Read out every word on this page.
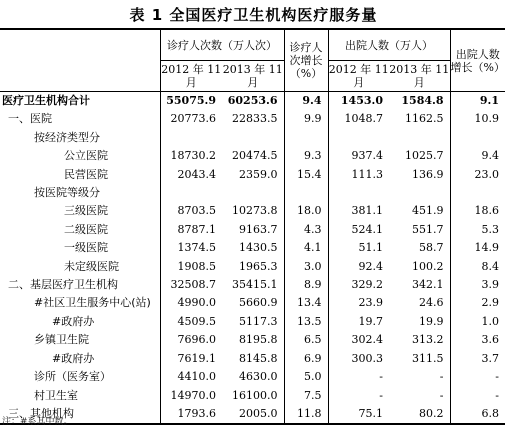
表 1 全国医疗卫生机构医疗服务量
	诊疗人次数（万人次）		诊疗人次增长（%）	出院人数（万人）		出院人数增长（%）
	2012 年 11 月	2013 年 11 月		2012 年 11 月	2013 年 11 月	
医疗卫生机构合计	55075.9	60253.6	9.4	1453.0	1584.8	9.1
一、医院	20773.6	22833.5	9.9	1048.7	1162.5	10.9
按经济类型分						
公立医院	18730.2	20474.5	9.3	937.4	1025.7	9.4
民营医院	2043.4	2359.0	15.4	111.3	136.9	23.0
按医院等级分						
三级医院	8703.5	10273.8	18.0	381.1	451.9	18.6
二级医院	8787.1	9163.7	4.3	524.1	551.7	5.3
一级医院	1374.5	1430.5	4.1	51.1	58.7	14.9
未定级医院	1908.5	1965.3	3.0	92.4	100.2	8.4
二、基层医疗卫生机构	32508.7	35415.1	8.9	329.2	342.1	3.9
#社区卫生服务中心(站)	4990.0	5660.9	13.4	23.9	24.6	2.9
#政府办	4509.5	5117.3	13.5	19.7	19.9	1.0
乡镇卫生院	7696.0	8195.8	6.5	302.4	313.2	3.6
#政府办	7619.1	8145.8	6.9	300.3	311.5	3.7
诊所（医务室）	4410.0	4630.0	5.0	-	-	-
村卫生室	14970.0	16100.0	7.5	-	-	-
三、其他机构	1793.6	2005.0	11.8	75.1	80.2	6.8
注：#系其中数。
